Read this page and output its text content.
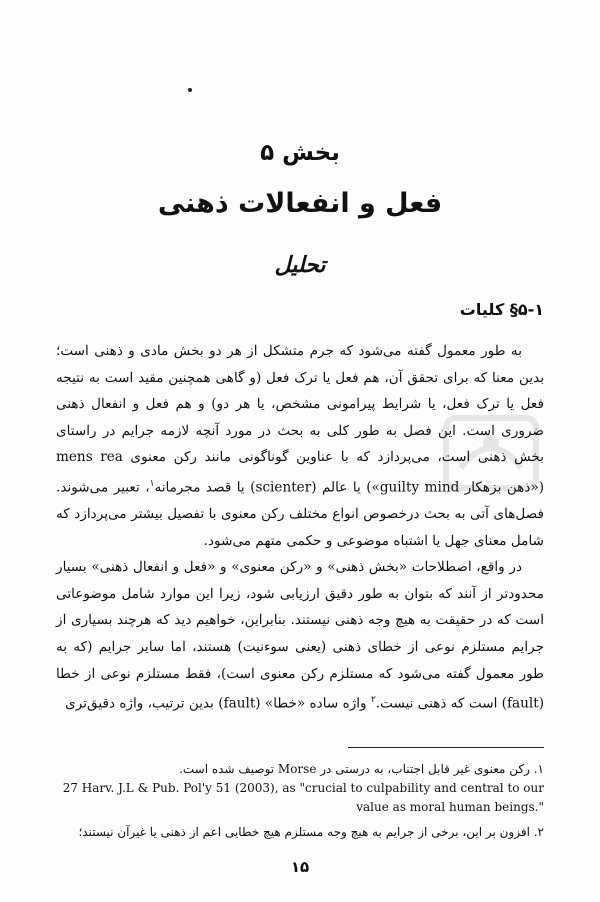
بخش ۵
فعل و انفعالات ذهنی
تحلیل
۵-۱§ کلیات

به طور معمول گفته می‌شود که جرم متشکل از هر دو بخش مادی و ذهنی است؛ بدین معنا که برای تحقق آن، هم فعل یا ترک فعل (و گاهی همچنین مقید است به نتیجه فعل یا ترک فعل، یا شرایط پیرامونی مشخص، یا هر دو) و هم فعل و انفعال ذهنی ضروری است. این فصل به طور کلی به بحث در مورد آنچه لازمه جرایم در راستای بخش ذهنی است، می‌پردازد که با عناوین گوناگونی مانند رکن معنوی mens rea («ذهن بزهکار guilty mind») یا عالم (scienter) یا قصد مجرمانه$^۱$، تعبیر می‌شوند. فصل‌های آتی به بحث درخصوص انواع مختلف رکن معنوی با تفصیل بیشتر می‌پردازد که شامل معنای جهل یا اشتباه موضوعی و حکمی متهم می‌شود.

در واقع، اصطلاحات «بخش ذهنی» و «رکن معنوی» و «فعل و انفعال ذهنی» بسیار محدودتر از آنند که بتوان به طور دقیق ارزیابی شود، زیرا این موارد شامل موضوعاتی است که در حقیقت به هیچ وجه ذهنی نیستند. بنابراین، خواهیم دید که هرچند بسیاری از جرایم مستلزم نوعی از خطای ذهنی (یعنی سوءنیت) هستند، اما سایر جرایم (که به طور معمول گفته می‌شود که مستلزم رکن معنوی است)، فقط مستلزم نوعی از خطا (fault) است که ذهنی نیست.$^۲$ واژه ساده «خطا» (fault) بدین ترتیب، واژه دقیق‌تری

۱. رکن معنوی غیر قابل اجتناب، به درستی در Morse توصیف شده است.
27 Harv. J.L & Pub. Pol'y 51 (2003), as "crucial to culpability and central to our value as moral human beings."
۲. افزون بر این، برخی از جرایم به هیچ وجه مستلزم هیچ خطایی اعم از ذهنی یا غیرآن نیستند؛
۱۵
